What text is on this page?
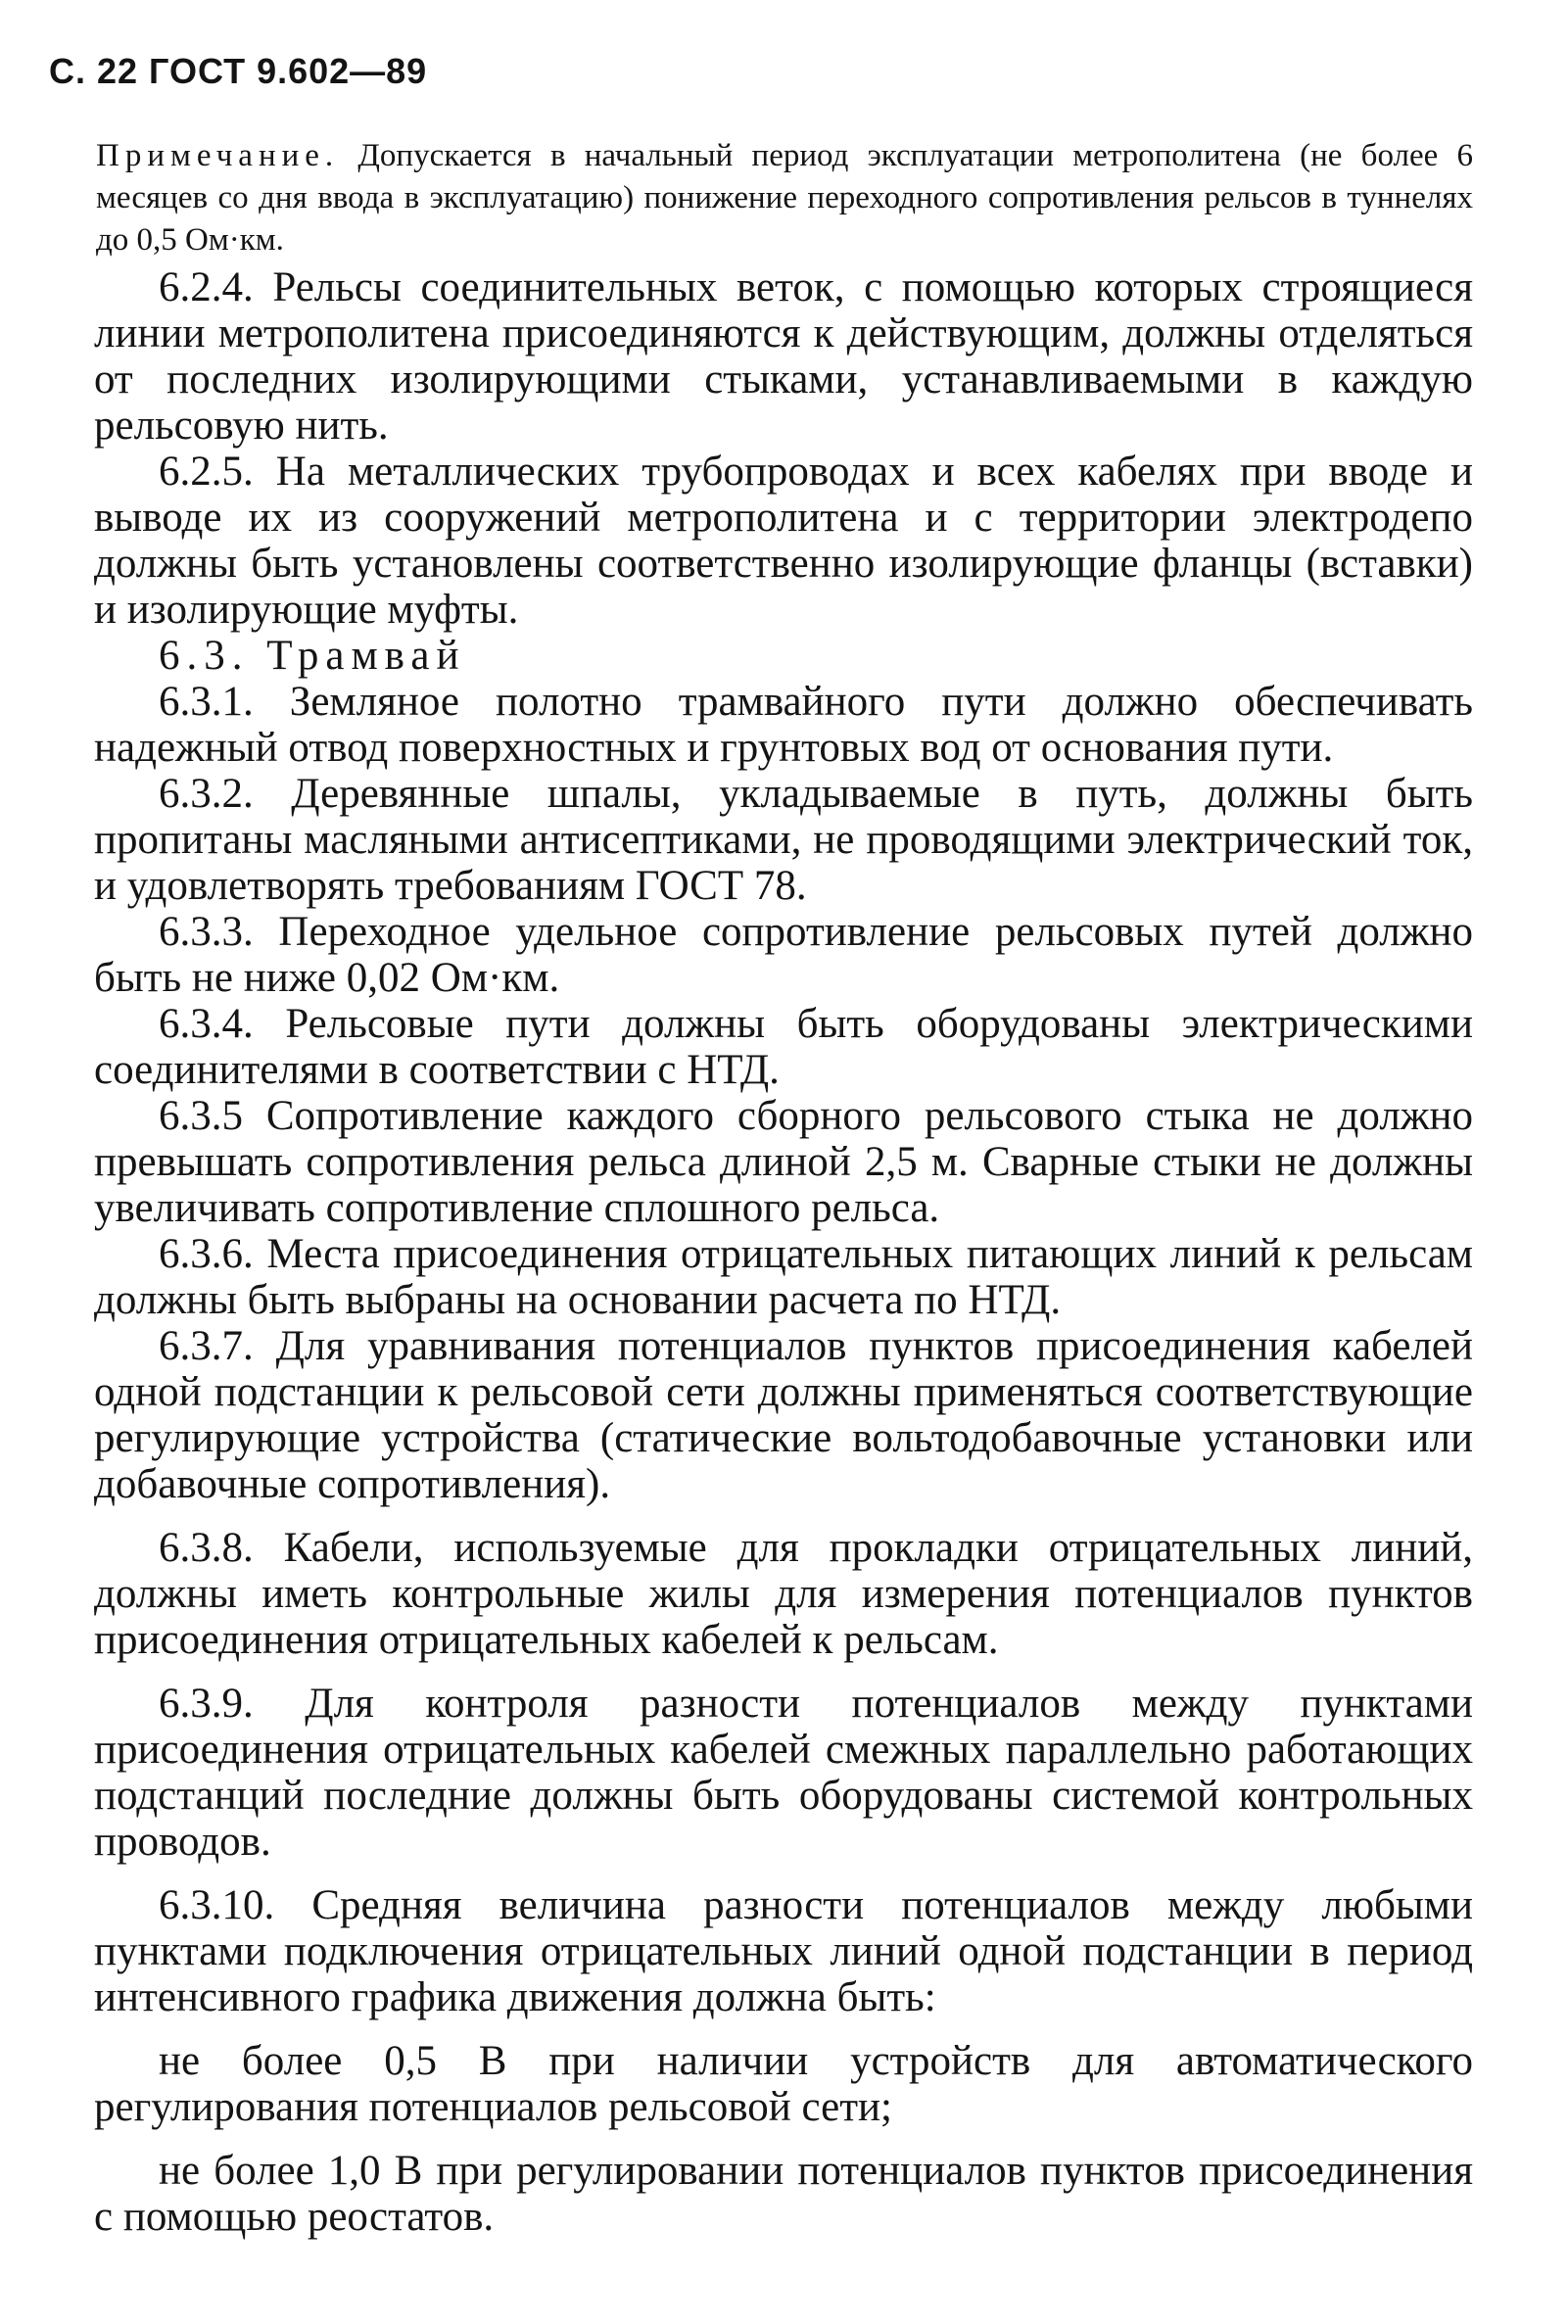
С. 22 ГОСТ 9.602—89
Примечание. Допускается в начальный период эксплуатации метрополитена (не более 6 месяцев со дня ввода в эксплуатацию) понижение переходного сопротивления рельсов в туннелях до 0,5 Ом·км.

6.2.4. Рельсы соединительных веток, с помощью которых строящиеся линии метрополитена присоединяются к действующим, должны отделяться от последних изолирующими стыками, устанавливаемыми в каждую рельсовую нить.

6.2.5. На металлических трубопроводах и всех кабелях при вводе и выводе их из сооружений метрополитена и с территории электродепо должны быть установлены соответственно изолирующие фланцы (вставки) и изолирующие муфты.

6.3. Трамвай

6.3.1. Земляное полотно трамвайного пути должно обеспечивать надежный отвод поверхностных и грунтовых вод от основания пути.

6.3.2. Деревянные шпалы, укладываемые в путь, должны быть пропитаны масляными антисептиками, не проводящими электрический ток, и удовлетворять требованиям ГОСТ 78.

6.3.3. Переходное удельное сопротивление рельсовых путей должно быть не ниже 0,02 Ом·км.

6.3.4. Рельсовые пути должны быть оборудованы электрическими соединителями в соответствии с НТД.

6.3.5 Сопротивление каждого сборного рельсового стыка не должно превышать сопротивления рельса длиной 2,5 м. Сварные стыки не должны увеличивать сопротивление сплошного рельса.

6.3.6. Места присоединения отрицательных питающих линий к рельсам должны быть выбраны на основании расчета по НТД.

6.3.7. Для уравнивания потенциалов пунктов присоединения кабелей одной подстанции к рельсовой сети должны применяться соответствующие регулирующие устройства (статические вольтодобавочные установки или добавочные сопротивления).

6.3.8. Кабели, используемые для прокладки отрицательных линий, должны иметь контрольные жилы для измерения потенциалов пунктов присоединения отрицательных кабелей к рельсам.

6.3.9. Для контроля разности потенциалов между пунктами присоединения отрицательных кабелей смежных параллельно работающих подстанций последние должны быть оборудованы системой контрольных проводов.

6.3.10. Средняя величина разности потенциалов между любыми пунктами подключения отрицательных линий одной подстанции в период интенсивного графика движения должна быть:

не более 0,5 В при наличии устройств для автоматического регулирования потенциалов рельсовой сети;

не более 1,0 В при регулировании потенциалов пунктов присоединения с помощью реостатов.
